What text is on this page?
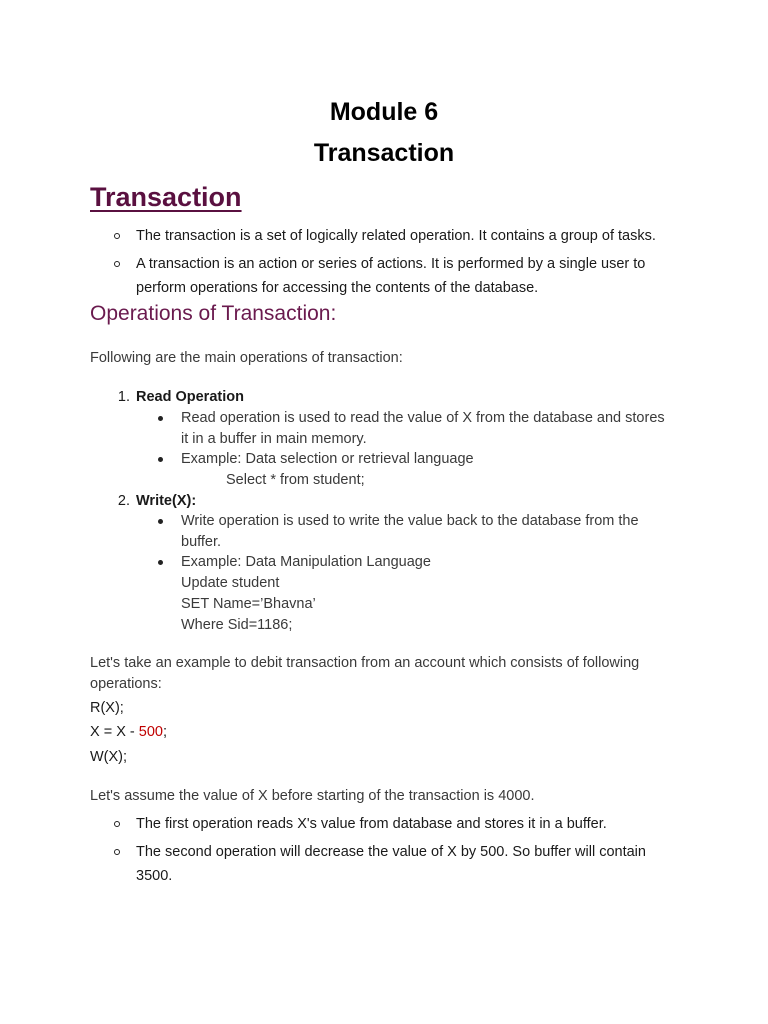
Module 6
Transaction
Transaction
The transaction is a set of logically related operation. It contains a group of tasks.
A transaction is an action or series of actions. It is performed by a single user to perform operations for accessing the contents of the database.
Operations of Transaction:
Following are the main operations of transaction:
1. Read Operation
Read operation is used to read the value of X from the database and stores it in a buffer in main memory.
Example: Data selection or retrieval language
Select * from student;
2. Write(X):
Write operation is used to write the value back to the database from the buffer.
Example: Data Manipulation Language
Update student
SET Name=’Bhavna’
Where Sid=1186;
Let's take an example to debit transaction from an account which consists of following operations:
R(X);
X = X - 500;
W(X);
Let's assume the value of X before starting of the transaction is 4000.
The first operation reads X's value from database and stores it in a buffer.
The second operation will decrease the value of X by 500. So buffer will contain 3500.
